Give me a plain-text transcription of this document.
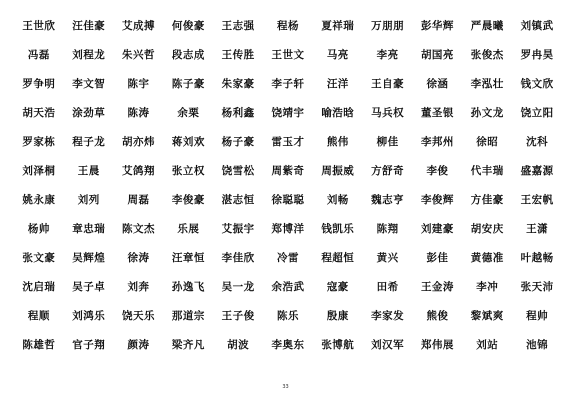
王世欣 汪佳豪 艾成搏 何俊豪 王志强 程杨 夏祥瑞 万朋朋 彭华辉 严晨曦 刘镇武
冯磊 刘程龙 朱兴哲 段志成 王传胜 王世文 马亮	李亮 胡国亮 张俊杰 罗冉昊
罗争明 李文智 陈宇 陈子豪 朱家豪 李子轩 汪洋 王自豪 徐涵 李泓壮 钱文欣
胡天浩 涂劲草 陈涛	余栗 杨利鑫 饶靖宇 喻浩晗 马兵权 董圣银 孙文龙 饶立阳
罗家栋 程子龙 胡亦炜 蒋刘欢 杨子豪 雷玉才 熊伟	柳佳 李邦州 徐昭	沈科
刘泽桐 王晨 艾鸽翔 张立权 饶雪松 周紫奇 周振威 方舒奇 李俊 代丰瑞 盛嘉源
姚永康 刘列	周磊 李俊豪 湛志恒 徐聪聪 刘畅 魏志亨 李俊辉 方佳豪 王宏帆
杨帅 章忠瑞 陈文杰 乐展 艾振宇 郑博洋 钱凯乐 陈翔 刘建豪 胡安庆 王潇
张文豪 吴辉煌 徐涛 汪章恒 李佳欣 冷雷 程超恒 黄兴	彭佳 黄德准 叶越畅
沈启瑞 吴子卓 刘奔 孙逸飞 吴一龙 余浩武 寇豪	田希 王金涛 李冲 张天沛
程顺 刘鸿乐 饶天乐 那道宗 王子俊 陈乐	殷康 李家发 熊俊 黎斌爽 程帅
陈雄哲 官子翔 颜涛 梁齐凡 胡波 李奥东 张博航 刘汉军 郑伟展 刘站	池锦
33
